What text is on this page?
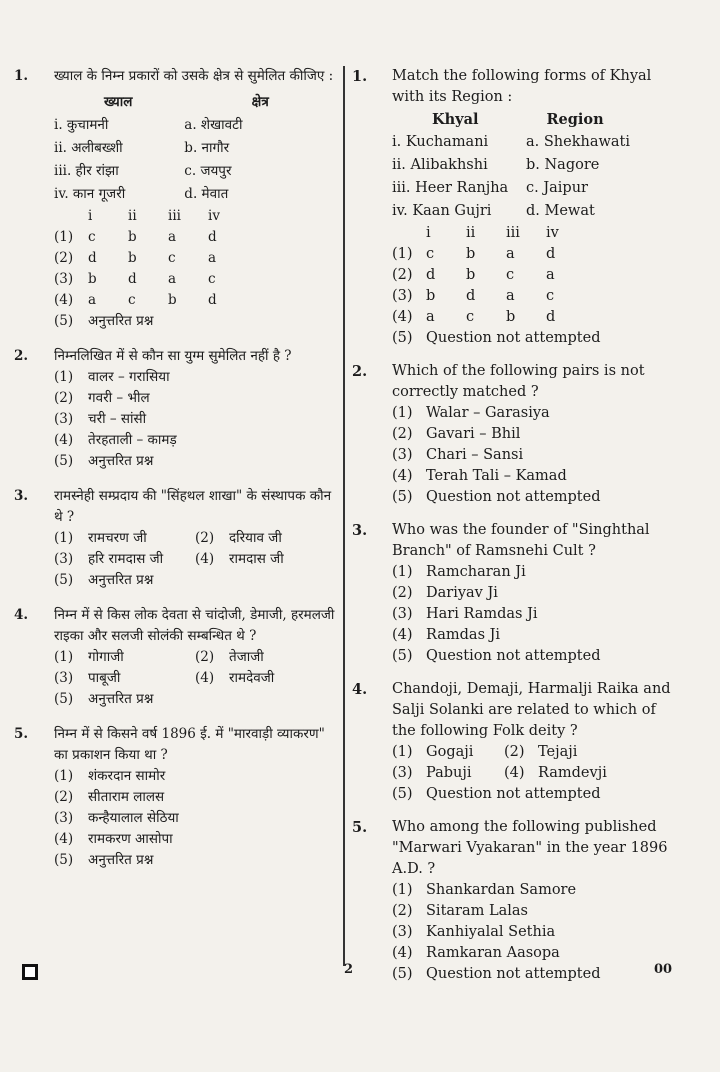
1. ख्याल के निम्न प्रकारों को उसके क्षेत्र से सुमेलित कीजिए :
ख्याल	क्षेत्र
i. कुचामनी	a. शेखावटी
ii. अलीबख्शी	b. नागौर
iii. हीर रांझा	c. जयपुर
iv. कान गूजरी	d. मेवात
i	ii	iii	iv
(1)	c	b	a	d
(2)	d	b	c	a
(3)	b	d	a	c
(4)	a	c	b	d
(5)	अनुत्तरित प्रश्न
2. निम्नलिखित में से कौन सा युग्म सुमेलित नहीं है ?
(1)	वालर – गरासिया
(2)	गवरी – भील
(3)	चरी – सांसी
(4)	तेरहताली – कामड़
(5)	अनुत्तरित प्रश्न
3. रामस्नेही सम्प्रदाय की "सिंहथल शाखा" के संस्थापक कौन थे ?
(1)	रामचरण जी	(2)	दरियाव जी
(3)	हरि रामदास जी (4)	रामदास जी
(5)	अनुत्तरित प्रश्न
4. निम्न में से किस लोक देवता से चांदोजी, डेमाजी, हरमलजी राइका और सलजी सोलंकी सम्बन्धित थे ?
(1)	गोगाजी	(2)	तेजाजी
(3)	पाबूजी	(4)	रामदेवजी
(5)	अनुत्तरित प्रश्न
5. निम्न में से किसने वर्ष 1896 ई. में "मारवाड़ी व्याकरण" का प्रकाशन किया था ?
(1)	शंकरदान सामोर
(2)	सीताराम लालस
(3)	कन्हैयालाल सेठिया
(4)	रामकरण आसोपा
(5)	अनुत्तरित प्रश्न
1. Match the following forms of Khyal with its Region :
Khyal	Region
i. Kuchamani	a. Shekhawati
ii. Alibakhshi	b. Nagore
iii. Heer Ranjha	c. Jaipur
iv. Kaan Gujri	d. Mewat
i	ii	iii	iv
(1) c	b	a	d
(2) d	b	c	a
(3) b	d	a	c
(4) a	c	b	d
(5) Question not attempted
2. Which of the following pairs is not correctly matched ?
(1) Walar – Garasiya
(2) Gavari – Bhil
(3) Chari – Sansi
(4) Terah Tali – Kamad
(5) Question not attempted
3. Who was the founder of "Singhthal Branch" of Ramsnehi Cult ?
(1) Ramcharan Ji
(2) Dariyav Ji
(3) Hari Ramdas Ji
(4) Ramdas Ji
(5) Question not attempted
4. Chandoji, Demaji, Harmalji Raika and Salji Solanki are related to which of the following Folk deity ?
(1) Gogaji (2) Tejaji
(3) Pabuji (4) Ramdevji
(5) Question not attempted
5. Who among the following published "Marwari Vyakaran" in the year 1896 A.D. ?
(1) Shankardan Samore
(2) Sitaram Lalas
(3) Kanhiyalal Sethia
(4) Ramkaran Aasopa
(5) Question not attempted
2	00
